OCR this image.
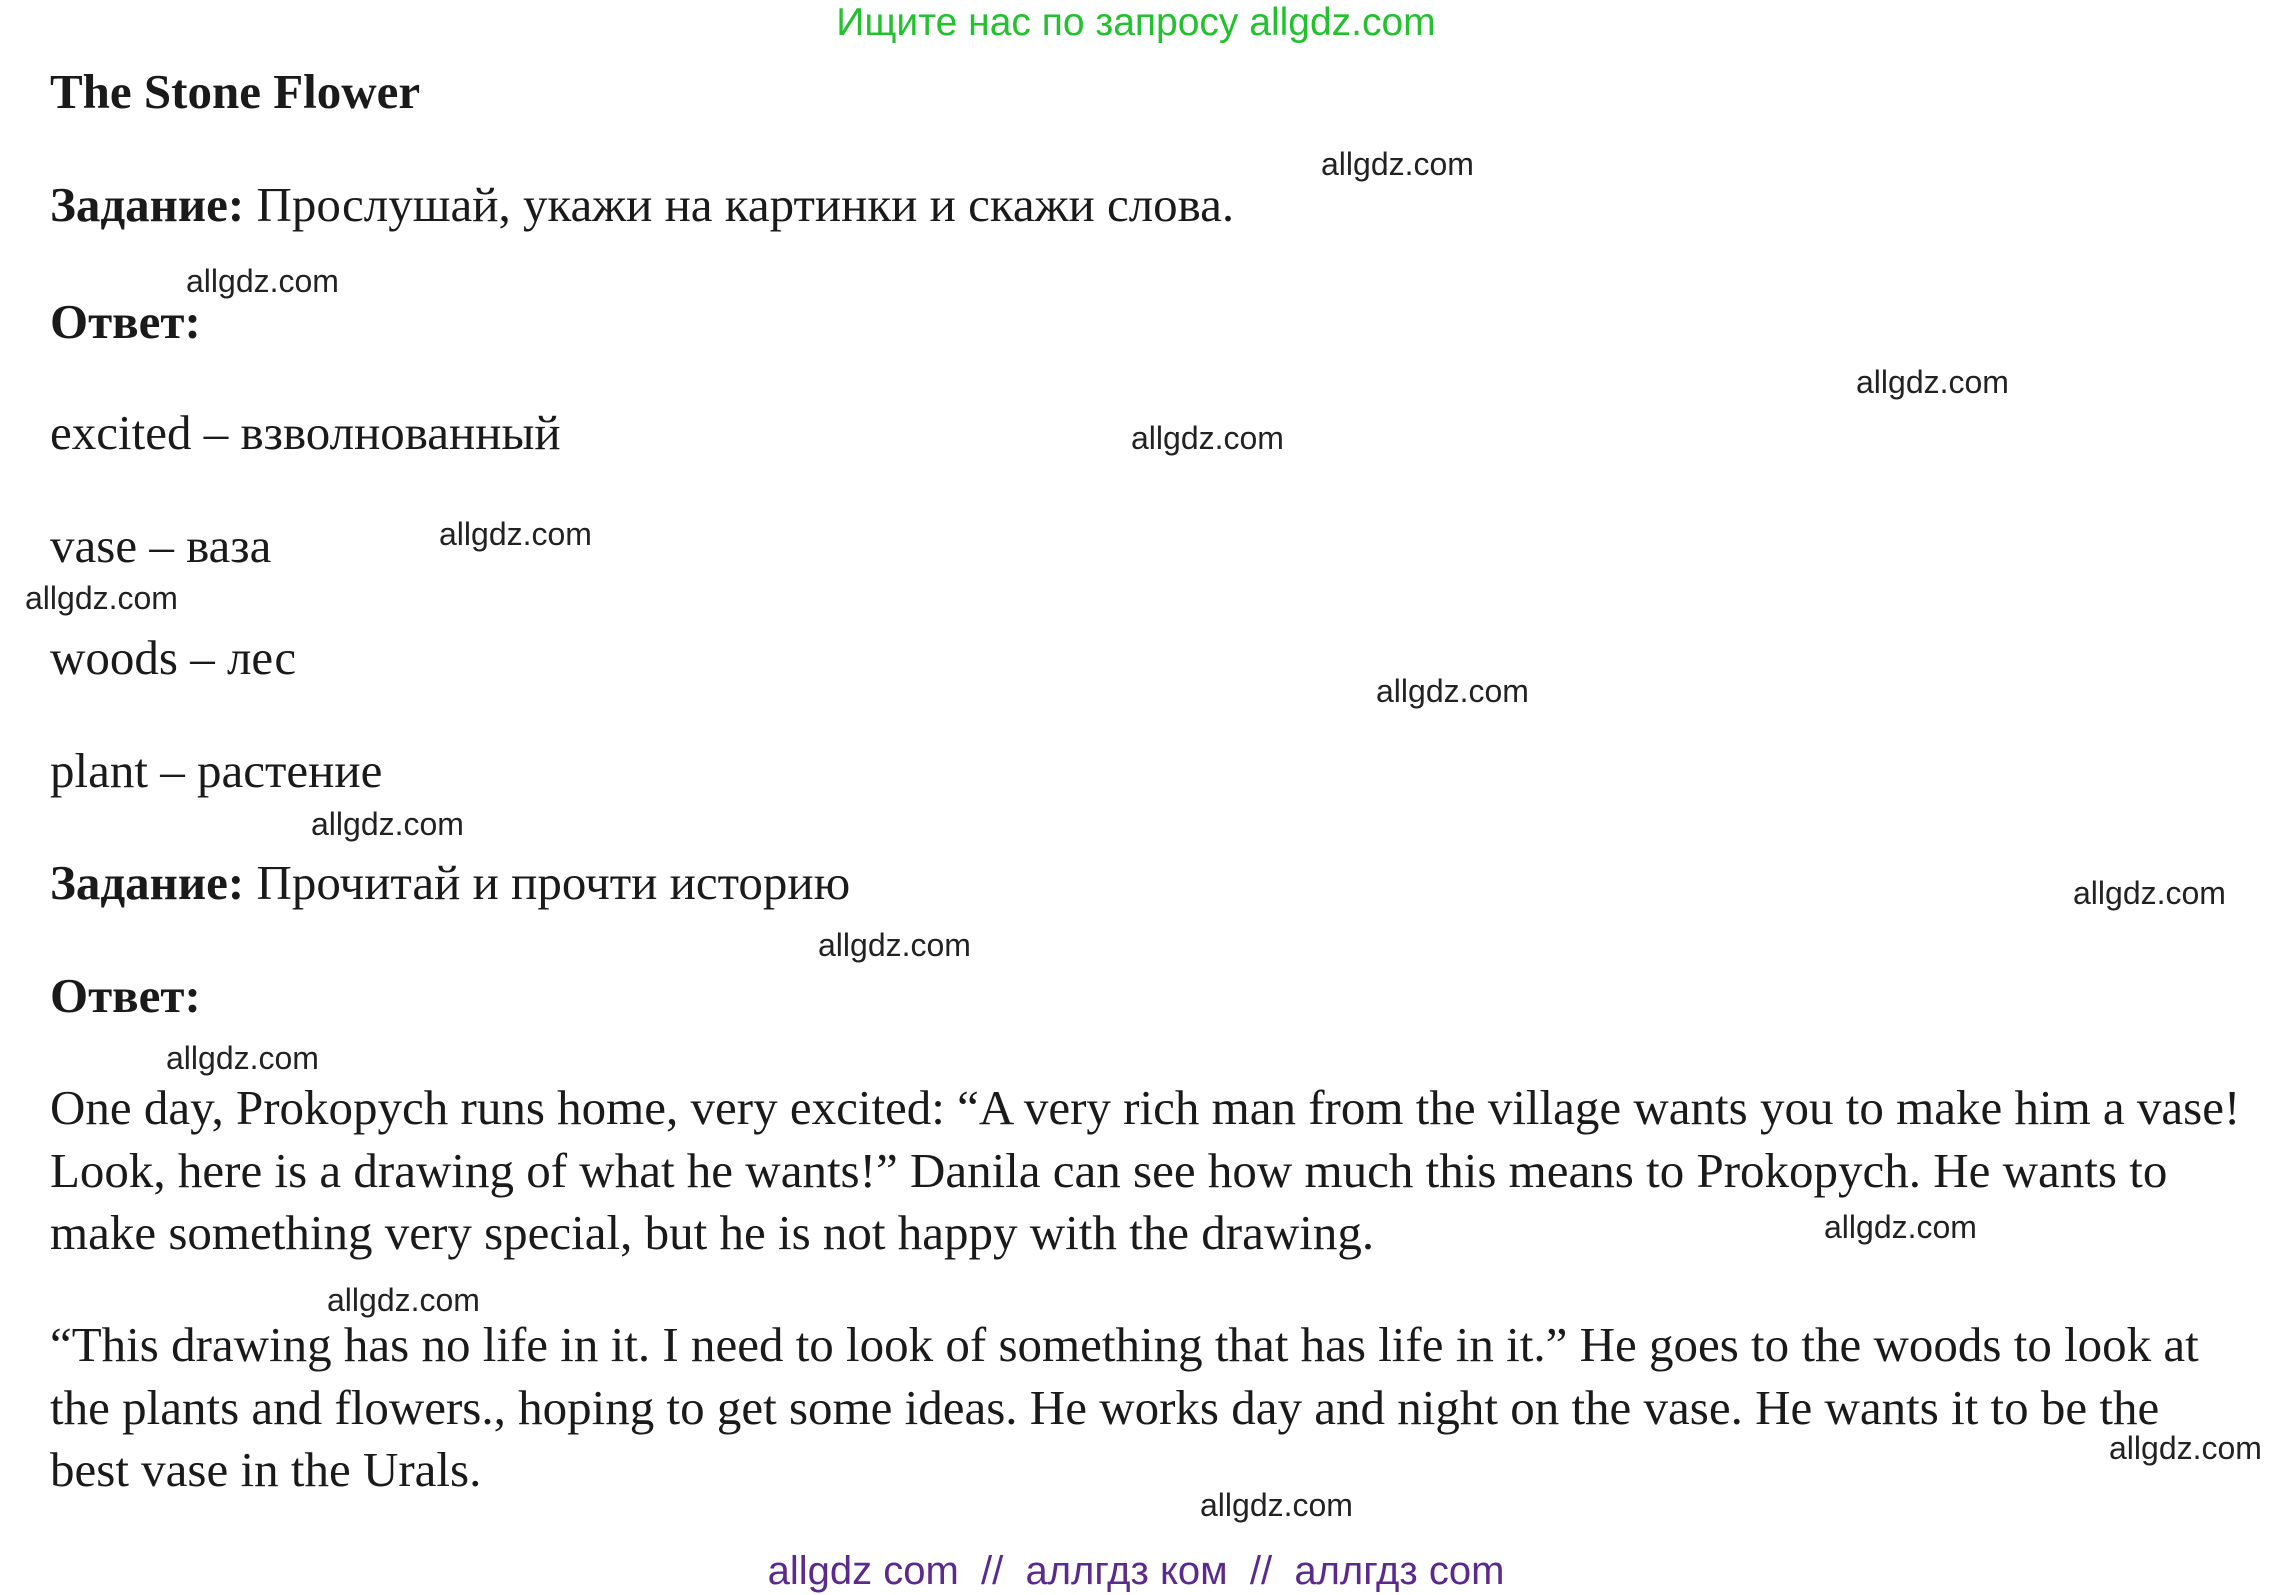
Ищите нас по запросу allgdz.com
The Stone Flower
Задание: Прослушай, укажи на картинки и скажи слова.
Ответ:
excited – взволнованный
vase – ваза
woods – лес
plant – растение
Задание: Прочитай и прочти историю
Ответ:
One day, Prokopych runs home, very excited: “A very rich man from the village wants you to make him a vase! Look, here is a drawing of what he wants!” Danila can see how much this means to Prokopych. He wants to make something very special, but he is not happy with the drawing.
“This drawing has no life in it. I need to look of something that has life in it.” He goes to the woods to look at the plants and flowers., hoping to get some ideas. He works day and night on the vase. He wants it to be the best vase in the Urals.
allgdz.com
allgdz.com
allgdz.com
allgdz.com
allgdz.com
allgdz.com
allgdz.com
allgdz.com
allgdz.com
allgdz.com
allgdz.com
allgdz.com
allgdz.com
allgdz.com
allgdz.com
allgdz com  //  аллгдз ком  //  аллгдз com
